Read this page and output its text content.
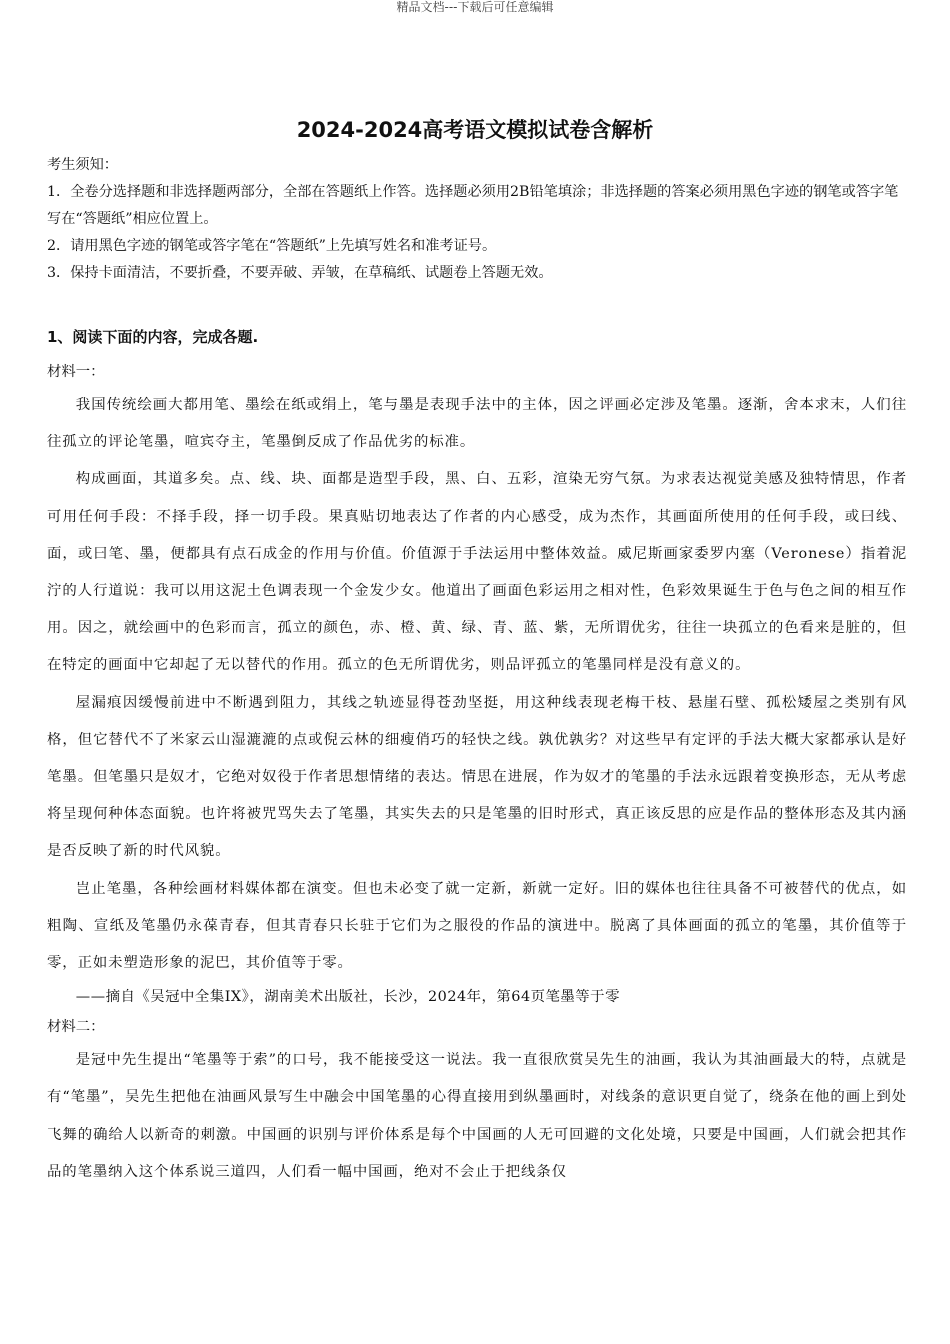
精品文档---下载后可任意编辑
2024-2024高考语文模拟试卷含解析

考生须知：

1．全卷分选择题和非选择题两部分，全部在答题纸上作答。选择题必须用2B铅笔填涂；非选择题的答案必须用黑色字迹的钢笔或答字笔写在“答题纸”相应位置上。

2．请用黑色字迹的钢笔或答字笔在“答题纸”上先填写姓名和准考证号。

3．保持卡面清洁，不要折叠，不要弄破、弄皱，在草稿纸、试题卷上答题无效。

1、阅读下面的内容，完成各题.

材料一：

我国传统绘画大都用笔、墨绘在纸或绢上，笔与墨是表现手法中的主体，因之评画必定涉及笔墨。逐渐，舍本求末，人们往往孤立的评论笔墨，喧宾夺主，笔墨倒反成了作品优劣的标准。

构成画面，其道多矣。点、线、块、面都是造型手段，黑、白、五彩，渲染无穷气氛。为求表达视觉美感及独特情思，作者可用任何手段：不择手段，择一切手段。果真贴切地表达了作者的内心感受，成为杰作，其画面所使用的任何手段，或曰线、面，或曰笔、墨，便都具有点石成金的作用与价值。价值源于手法运用中整体效益。威尼斯画家委罗内塞（Veronese）指着泥泞的人行道说：我可以用这泥土色调表现一个金发少女。他道出了画面色彩运用之相对性，色彩效果诞生于色与色之间的相互作用。因之，就绘画中的色彩而言，孤立的颜色，赤、橙、黄、绿、青、蓝、紫，无所谓优劣，往往一块孤立的色看来是脏的，但在特定的画面中它却起了无以替代的作用。孤立的色无所谓优劣，则品评孤立的笔墨同样是没有意义的。

屋漏痕因缓慢前进中不断遇到阻力，其线之轨迹显得苍劲坚挺，用这种线表现老梅干枝、悬崖石壁、孤松矮屋之类别有风格，但它替代不了米家云山湿漉漉的点或倪云林的细瘦俏巧的轻快之线。孰优孰劣？对这些早有定评的手法大概大家都承认是好笔墨。但笔墨只是奴才，它绝对奴役于作者思想情绪的表达。情思在进展，作为奴才的笔墨的手法永远跟着变换形态，无从考虑将呈现何种体态面貌。也许将被咒骂失去了笔墨，其实失去的只是笔墨的旧时形式，真正该反思的应是作品的整体形态及其内涵是否反映了新的时代风貌。

岂止笔墨，各种绘画材料媒体都在演变。但也未必变了就一定新，新就一定好。旧的媒体也往往具备不可被替代的优点，如粗陶、宣纸及笔墨仍永葆青春，但其青春只长驻于它们为之服役的作品的演进中。脱离了具体画面的孤立的笔墨，其价值等于零，正如未塑造形象的泥巴，其价值等于零。

——摘自《吴冠中全集IX》，湖南美术出版社，长沙，2024年，第64页笔墨等于零

材料二：

是冠中先生提出“笔墨等于索”的口号，我不能接受这一说法。我一直很欣赏吴先生的油画，我认为其油画最大的特，点就是有“笔墨”，吴先生把他在油画风景写生中融会中国笔墨的心得直接用到纵墨画时，对线条的意识更自觉了，绕条在他的画上到处飞舞的确给人以新奇的刺激。中国画的识别与评价体系是每个中国画的人无可回避的文化处境，只要是中国画，人们就会把其作品的笔墨纳入这个体系说三道四，人们看一幅中国画，绝对不会止于把线条仅
